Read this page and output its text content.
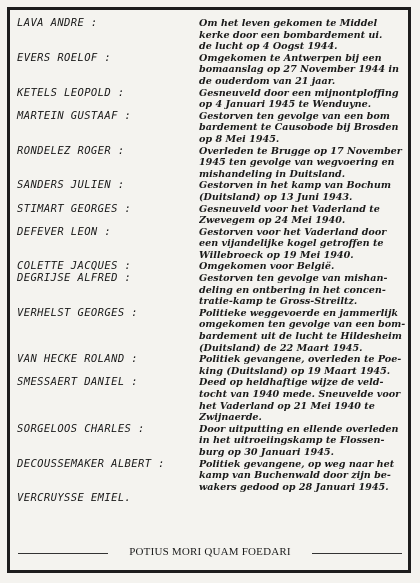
LAVA ANDRE :	Om het leven gekomen te Middel
kerke door een bombardement ui.
de lucht op 4 Oogst 1944.
EVERS ROELOF :	Omgekomen te Antwerpen bij een
bomaanslag op 27 November 1944 in
de ouderdom van 21 jaar.
KETELS LEOPOLD :	Gesneuveld door een mijnontploffing
op 4 Januari 1945 te Wenduyne.
MARTEIN GUSTAAF :	Gestorven ten gevolge van een bom
bardement te Causobode bij Brosden
op 8 Mei 1945.
RONDELEZ ROGER :	Overleden te Brugge op 17 November
1945 ten gevolge van wegvoering en
mishandeling in Duitsland.
SANDERS JULIEN :	Gestorven in het kamp van Bochum
(Duitsland) op 13 Juni 1943.
STIMART GEORGES :	Gesneuveld voor het Vaderland te
Zwevegem op 24 Mei 1940.
DEFEVER LEON :	Gestorven voor het Vaderland door
een vijandelijke kogel getroffen te
Willebroeck op 19 Mei 1940.
COLETTE JACQUES :	Omgekomen voor België.
DEGRIJSE ALFRED :	Gestorven ten gevolge van mishan-
deling en ontbering in het concen-
tratie-kamp te Gross-Streiltz.
VERHELST GEORGES :	Politieke weggevoerde en jammerlijk
omgekomen ten gevolge van een bom-
bardement uit de lucht te Hildesheim
(Duitsland) de 22 Maart 1945.
VAN HECKE ROLAND :	Politiek gevangene, overleden te Poe-
king (Duitsland) op 19 Maart 1945.
SMESSAERT DANIEL :	Deed op heldhaftige wijze de veld-
tocht van 1940 mede. Sneuvelde voor
het Vaderland op 21 Mei 1940 te
Zwijnaerde.
SORGELOOS CHARLES :	Door uitputting en ellende overleden
in het uitroeiingskamp te Flossen-
burg op 30 Januari 1945.
DECOUSSEMAKER ALBERT :	Politiek gevangene, op weg naar het
kamp van Buchenwald door zijn be-
wakers gedood op 28 Januari 1945.
VERCRUYSSE EMIEL.
POTIUS MORI QUAM FOEDARI
